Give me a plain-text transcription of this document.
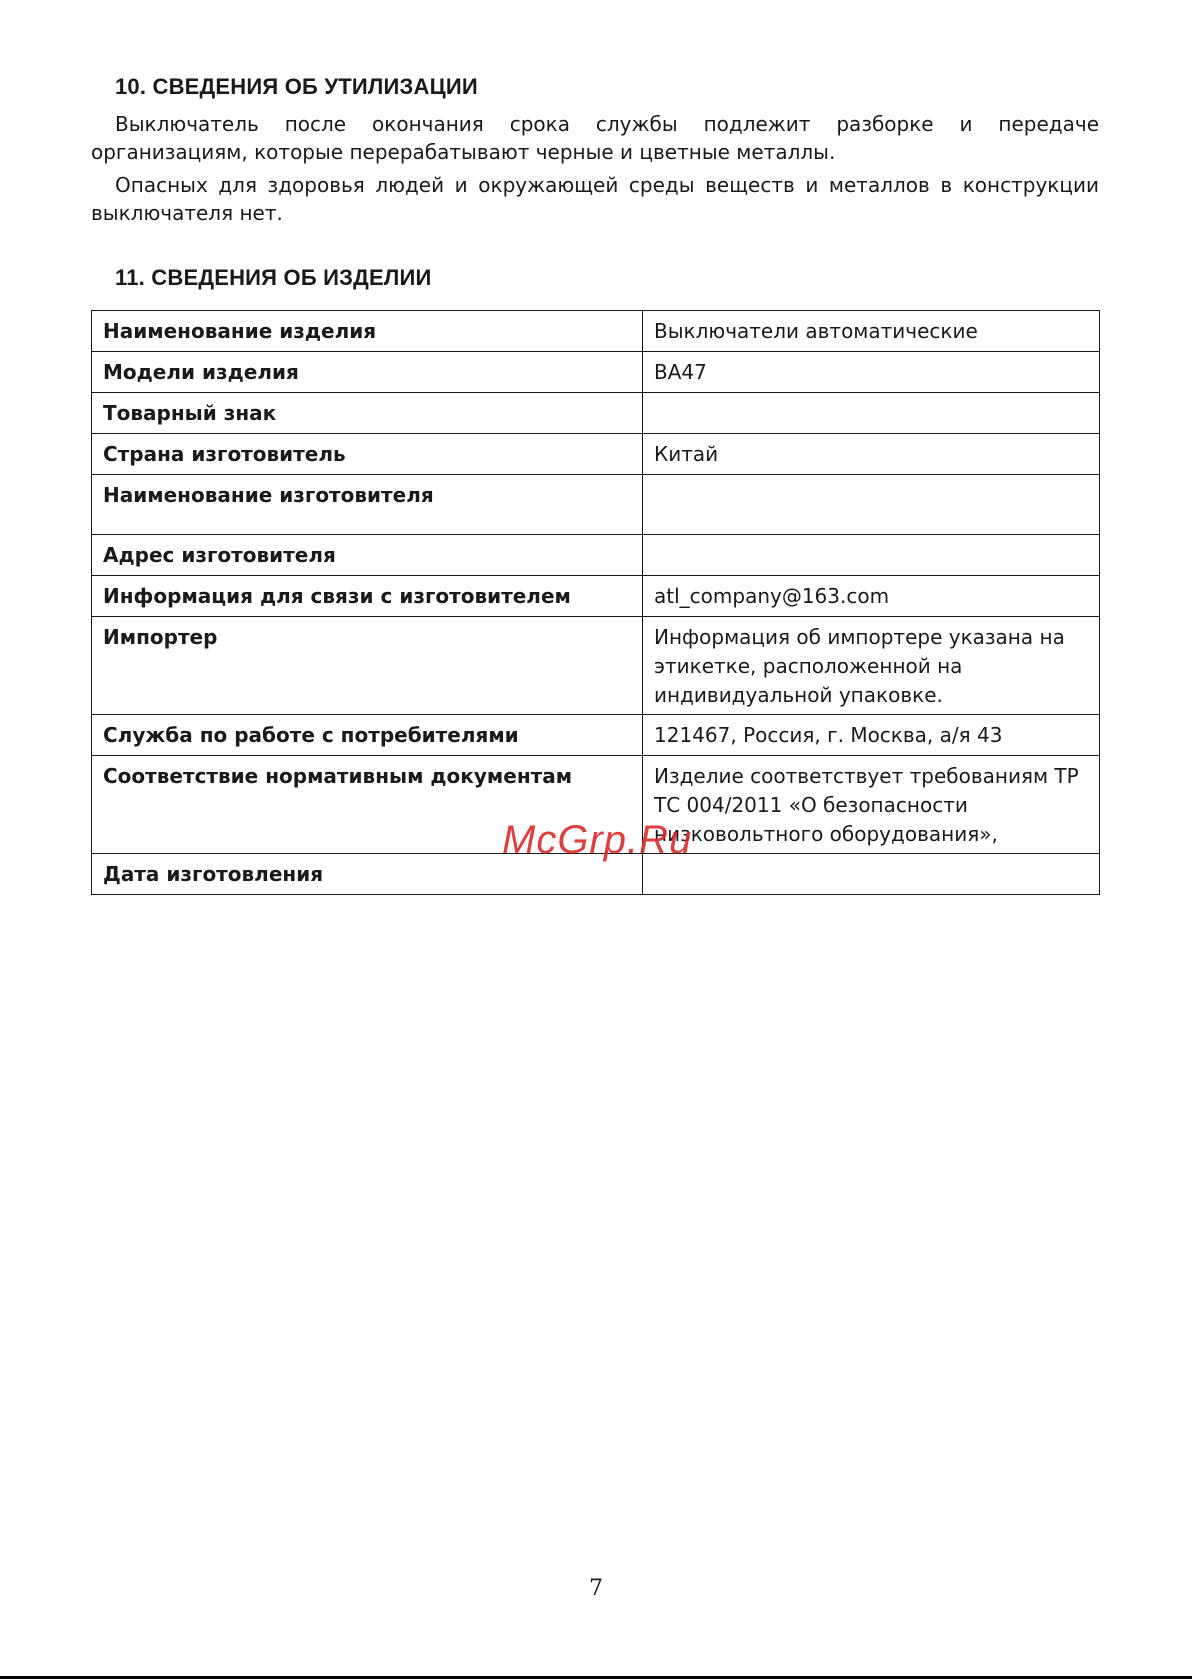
10. СВЕДЕНИЯ ОБ УТИЛИЗАЦИИ

Выключатель после окончания срока службы подлежит разборке и передаче организациям, которые перерабатывают черные и цветные металлы.

Опасных для здоровья людей и окружающей среды веществ и металлов в конструкции выключателя нет.

11. СВЕДЕНИЯ ОБ ИЗДЕЛИИ
Наименование изделия	Выключатели автоматические
Модели изделия	ВА47
Товарный знак	
Страна изготовитель	Китай
Наименование изготовителя	
Адрес изготовителя	
Информация для связи с изготовителем	atl_company@163.com
Импортер	Информация об импортере указана на этикетке, расположенной на индивидуальной упаковке.
Служба по работе с потребителями	121467, Россия, г. Москва, а/я 43
Соответствие нормативным документам	Изделие соответствует требованиям ТР ТС 004/2011 «О безопасности низковольтного оборудования»,
Дата изготовления	
McGrp.Ru
7
